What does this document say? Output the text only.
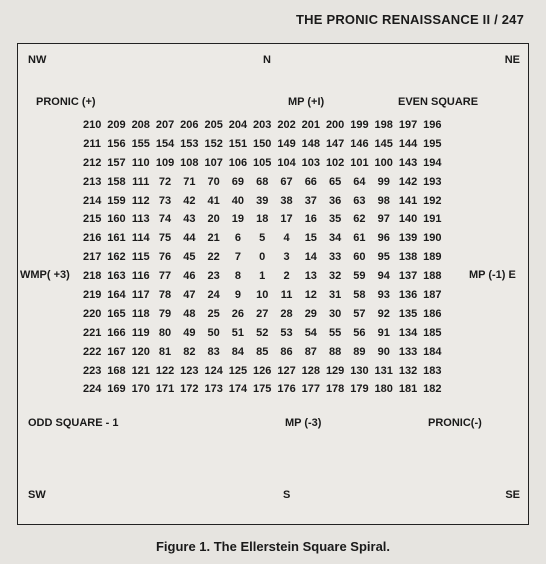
THE PRONIC RENAISSANCE II / 247
NW	N	NE
PRONIC (+)	MP (+I)	EVEN SQUARE
WMP( +3)	MP (-1) E
210 209 208 207 206 205 204 203 202 201 200 199 198 197 196
211 156 155 154 153 152 151 150 149 148 147 146 145 144 195
212 157 110 109 108 107 106 105 104 103 102 101 100 143 194
213 158 111 72	71	70	69	68	67	66	65	64	99 142 193
214 159 112 73	42	41	40	39	38	37	36	63	98 141 192
215 160 113 74	43	20	19	18	17	16	35	62	97 140 191
216 161 114 75	44	21	6	5	4	15	34	61	96 139 190
217 162 115 76	45	22	7	0	3	14	33	60	95 138 189
218 163 116 77	46	23	8	1	2	13	32	59	94 137 188
219 164 117 78	47	24	9	10	11	12	31	58	93 136 187
220 165 118 79	48	25	26	27	28	29	30	57	92 135 186
221 166 119 80	49	50	51	52	53	54	55	56	91 134 185
222 167 120 81	82	83	84	85	86	87	88	89	90 133 184
223 168 121 122 123 124 125 126 127 128 129 130 131 132 183
224 169 170 171 172 173 174 175 176 177 178 179 180 181 182
ODD SQUARE - 1	MP (-3)	PRONIC(-)
SW	S	SE
Figure 1. The Ellerstein Square Spiral.
